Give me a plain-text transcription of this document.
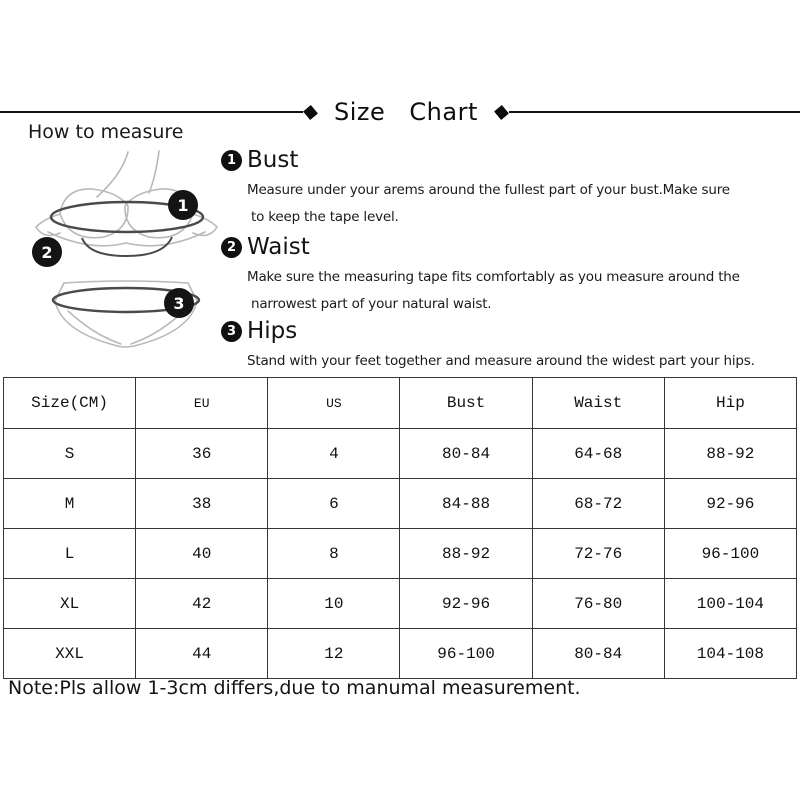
Size Chart
How to measure
1
2
3
1 Bust
Measure under your arems around the fullest part of your bust.Make sure
to keep the tape level.
2 Waist
Make sure the measuring tape fits comfortably as you measure around the
narrowest part of your natural waist.
3 Hips
Stand with your feet together and measure around the widest part your hips.
Size(CM)	EU	US	Bust	Waist	Hip
S	36	4	80-84	64-68	88-92
M	38	6	84-88	68-72	92-96
L	40	8	88-92	72-76	96-100
XL	42	10	92-96	76-80	100-104
XXL	44	12	96-100	80-84	104-108
Note:Pls allow 1-3cm differs,due to manumal measurement.
